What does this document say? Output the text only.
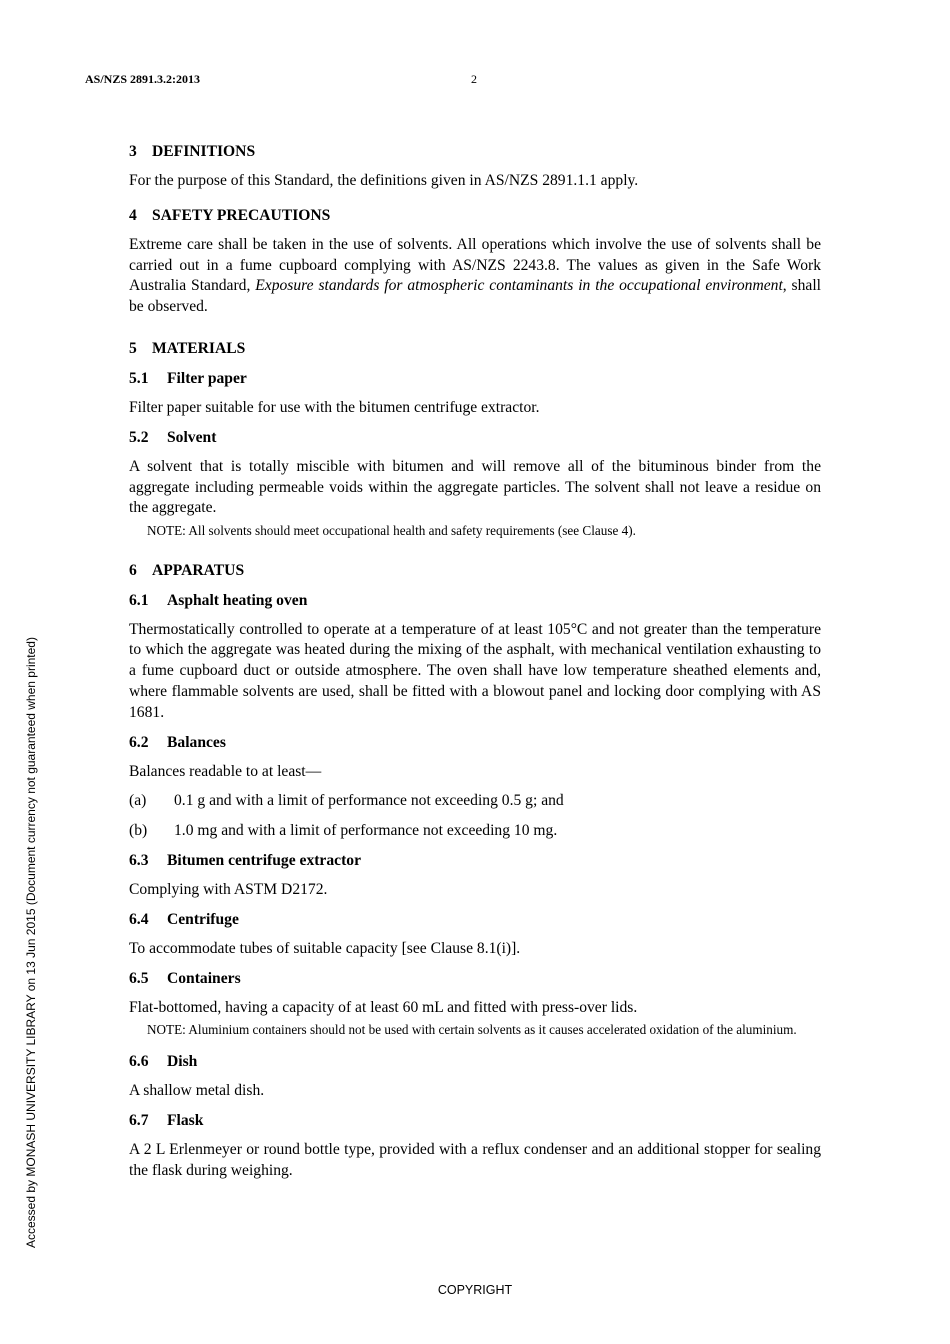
AS/NZS 2891.3.2:2013	2
Accessed by MONASH UNIVERSITY LIBRARY on 13 Jun 2015 (Document currency not guaranteed when printed)
3 DEFINITIONS

For the purpose of this Standard, the definitions given in AS/NZS 2891.1.1 apply.

4 SAFETY PRECAUTIONS

Extreme care shall be taken in the use of solvents. All operations which involve the use of solvents shall be carried out in a fume cupboard complying with AS/NZS 2243.8. The values as given in the Safe Work Australia Standard, Exposure standards for atmospheric contaminants in the occupational environment, shall be observed.

5 MATERIALS
5.1 Filter paper

Filter paper suitable for use with the bitumen centrifuge extractor.

5.2 Solvent

A solvent that is totally miscible with bitumen and will remove all of the bituminous binder from the aggregate including permeable voids within the aggregate particles. The solvent shall not leave a residue on the aggregate.

NOTE: All solvents should meet occupational health and safety requirements (see Clause 4).

6 APPARATUS
6.1 Asphalt heating oven

Thermostatically controlled to operate at a temperature of at least 105°C and not greater than the temperature to which the aggregate was heated during the mixing of the asphalt, with mechanical ventilation exhausting to a fume cupboard duct or outside atmosphere. The oven shall have low temperature sheathed elements and, where flammable solvents are used, shall be fitted with a blowout panel and locking door complying with AS 1681.

6.2 Balances

Balances readable to at least—

(a) 0.1 g and with a limit of performance not exceeding 0.5 g; and
(b) 1.0 mg and with a limit of performance not exceeding 10 mg.
6.3 Bitumen centrifuge extractor

Complying with ASTM D2172.

6.4 Centrifuge

To accommodate tubes of suitable capacity [see Clause 8.1(i)].

6.5 Containers

Flat-bottomed, having a capacity of at least 60 mL and fitted with press-over lids.

NOTE: Aluminium containers should not be used with certain solvents as it causes accelerated oxidation of the aluminium.

6.6 Dish

A shallow metal dish.

6.7 Flask

A 2 L Erlenmeyer or round bottle type, provided with a reflux condenser and an additional stopper for sealing the flask during weighing.

COPYRIGHT
